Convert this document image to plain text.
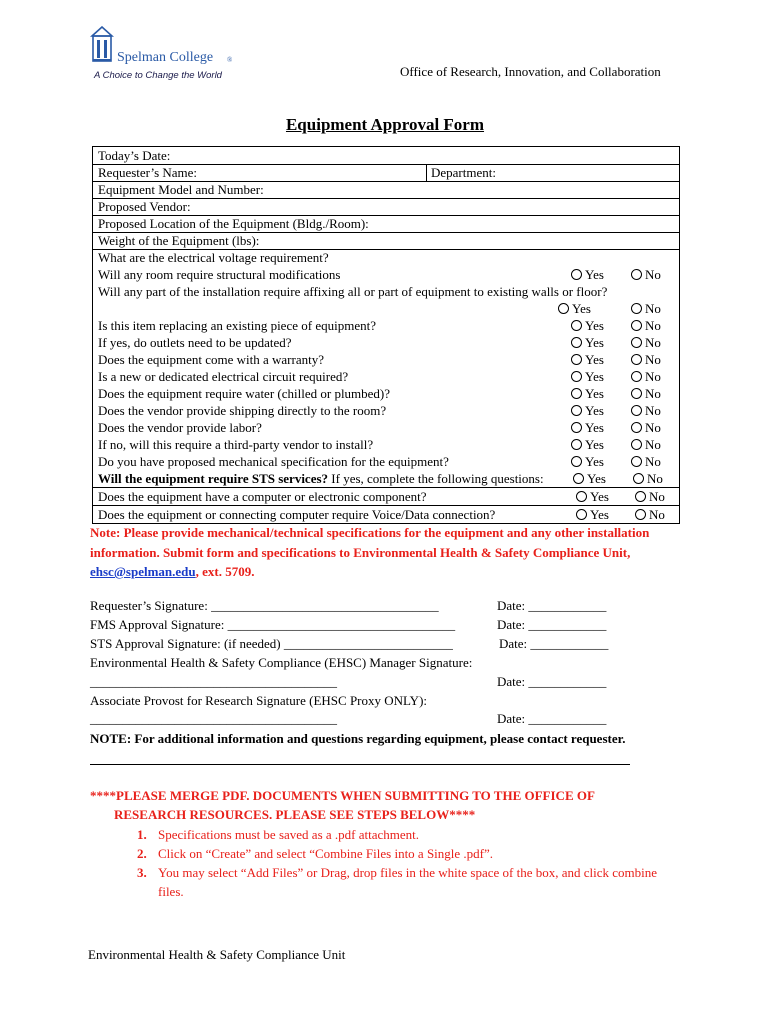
Spelman College ®
A Choice to Change the World	Office of Research, Innovation, and Collaboration
Equipment Approval Form
Today’s Date:
Requester’s Name:	Department:
Equipment Model and Number:
Proposed Vendor:
Proposed Location of the Equipment (Bldg./Room):
Weight of the Equipment (lbs):
What are the electrical voltage requirement?
Will any room require structural modifications	Yes	No
Will any part of the installation require affixing all or part of equipment to existing walls or floor?
Yes	No
Is this item replacing an existing piece of equipment?	Yes	No
If yes, do outlets need to be updated?	Yes	No
Does the equipment come with a warranty?	Yes	No
Is a new or dedicated electrical circuit required?	Yes	No
Does the equipment require water (chilled or plumbed)?	Yes	No
Does the vendor provide shipping directly to the room?	Yes	No
Does the vendor provide labor?	Yes	No
If no, will this require a third-party vendor to install?	Yes	No
Do you have proposed mechanical specification for the equipment?	Yes	No
Will the equipment require STS services? If yes, complete the following questions:	Yes	No
Does the equipment have a computer or electronic component?	Yes	No
Does the equipment or connecting computer require Voice/Data connection?	Yes	No
Note: Please provide mechanical/technical specifications for the equipment and any other installation information. Submit form and specifications to Environmental Health & Safety Compliance Unit, ehsc@spelman.edu, ext. 5709.
Requester’s Signature: ___________________________________	Date: ____________
FMS Approval Signature: ___________________________________	Date: ____________
STS Approval Signature: (if needed) __________________________	Date: ____________
Environmental Health & Safety Compliance (EHSC) Manager Signature:
______________________________________	Date: ____________
Associate Provost for Research Signature (EHSC Proxy ONLY):
______________________________________	Date: ____________
NOTE: For additional information and questions regarding equipment, please contact requester.
****PLEASE MERGE PDF. DOCUMENTS WHEN SUBMITTING TO THE OFFICE OF
RESEARCH RESOURCES. PLEASE SEE STEPS BELOW****
1. Specifications must be saved as a .pdf attachment.
2. Click on “Create” and select “Combine Files into a Single .pdf”.
3. You may select “Add Files” or Drag, drop files in the white space of the box, and click combine files.
Environmental Health & Safety Compliance Unit
